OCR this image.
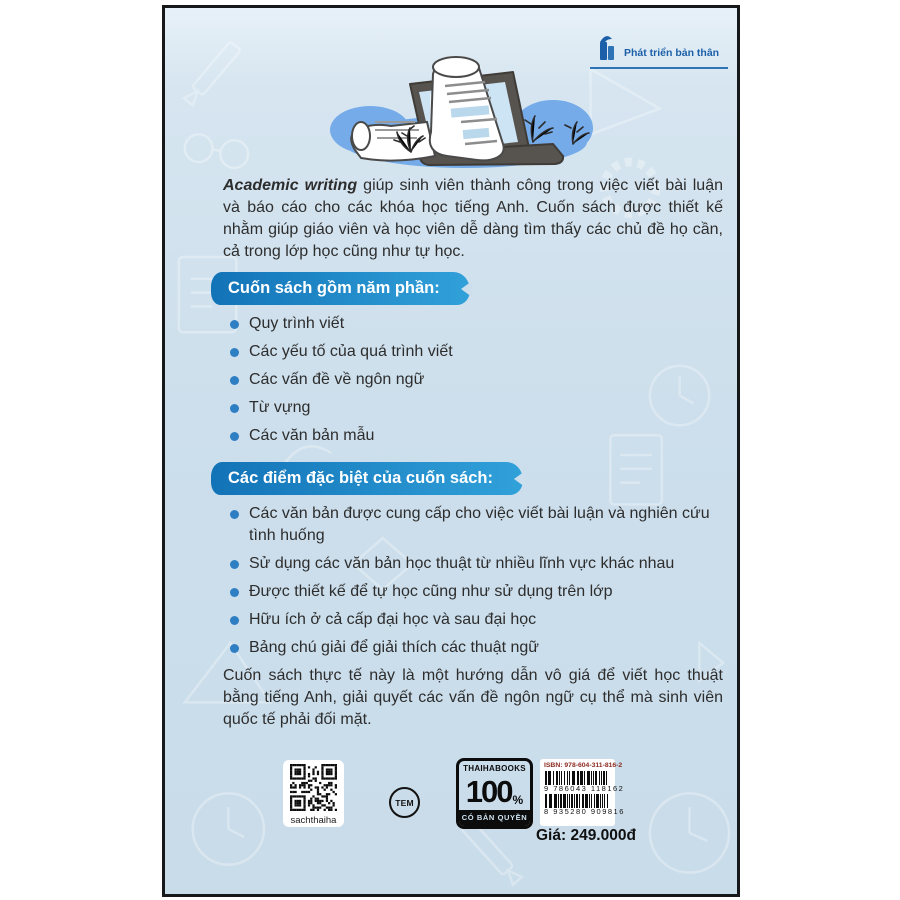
Phát triển bản thân

Academic writing giúp sinh viên thành công trong việc viết bài luận và báo cáo cho các khóa học tiếng Anh. Cuốn sách được thiết kế nhằm giúp giáo viên và học viên dễ dàng tìm thấy các chủ đề họ cần, cả trong lớp học cũng như tự học.

Cuốn sách gồm năm phần:
Quy trình viết
Các yếu tố của quá trình viết
Các vấn đề về ngôn ngữ
Từ vựng
Các văn bản mẫu
Các điểm đặc biệt của cuốn sách:
Các văn bản được cung cấp cho việc viết bài luận và nghiên cứu tình huống
Sử dụng các văn bản học thuật từ nhiều lĩnh vực khác nhau
Được thiết kế để tự học cũng như sử dụng trên lớp
Hữu ích ở cả cấp đại học và sau đại học
Bảng chú giải để giải thích các thuật ngữ

Cuốn sách thực tế này là một hướng dẫn vô giá để viết học thuật bằng tiếng Anh, giải quyết các vấn đề ngôn ngữ cụ thể mà sinh viên quốc tế phải đối mặt.

sachthaiha
TEM
THAIHABOOKS
100 %
CÓ BẢN QUYỀN
ISBN: 978-604-311-816-2
9 786043 118162
8 935280 909816
Giá: 249.000đ
